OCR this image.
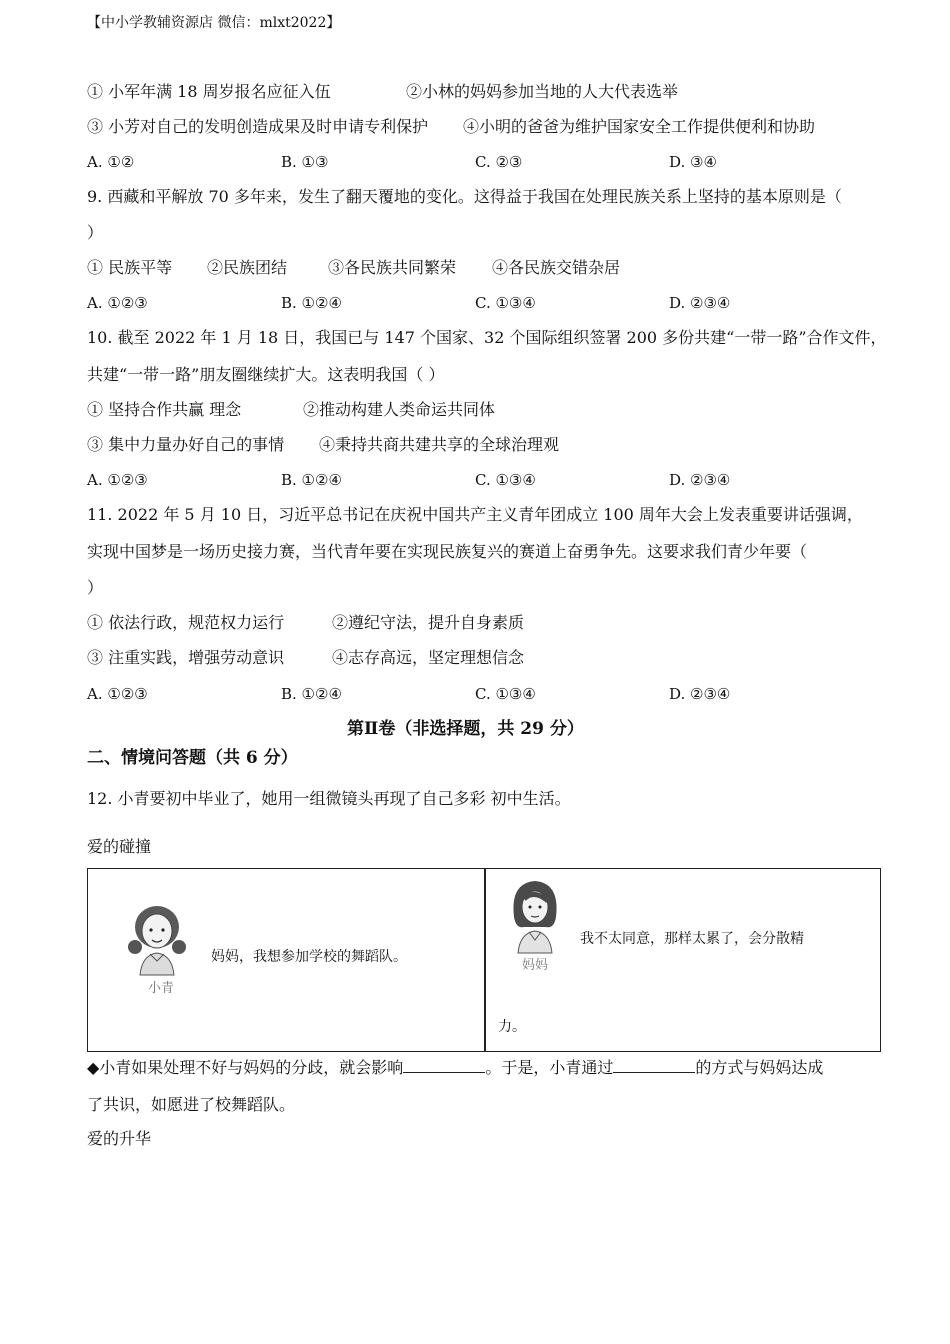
【中小学教辅资源店 微信：mlxt2022】
① 小军年满 18 周岁报名应征入伍	②小林的妈妈参加当地的人大代表选举
③ 小芳对自己的发明创造成果及时申请专利保护 ④小明的爸爸为维护国家安全工作提供便利和协助
A. ①②	B. ①③	C. ②③	D. ③④
9. 西藏和平解放 70 多年来，发生了翻天覆地的变化。这得益于我国在处理民族关系上坚持的基本原则是（
）
① 民族平等 ②民族团结	③各民族共同繁荣 ④各民族交错杂居
A. ①②③	B. ①②④	C. ①③④	D. ②③④
10. 截至 2022 年 1 月 18 日，我国已与 147 个国家、32 个国际组织签署 200 多份共建“一带一路”合作文件，
共建“一带一路”朋友圈继续扩大。这表明我国（ ）
① 坚持合作共赢 理念	②推动构建人类命运共同体
③ 集中力量办好自己的事情 ④秉持共商共建共享的全球治理观
A. ①②③	B. ①②④	C. ①③④	D. ②③④
11. 2022 年 5 月 10 日，习近平总书记在庆祝中国共产主义青年团成立 100 周年大会上发表重要讲话强调，
实现中国梦是一场历史接力赛，当代青年要在实现民族复兴的赛道上奋勇争先。这要求我们青少年要（
）
① 依法行政，规范权力运行	②遵纪守法，提升自身素质
③ 注重实践，增强劳动意识	④志存高远，坚定理想信念
A. ①②③	B. ①②④	C. ①③④	D. ②③④
第Ⅱ卷（非选择题，共 29 分）
二、情境问答题（共 6 分）
12. 小青要初中毕业了，她用一组微镜头再现了自己多彩 初中生活。
爱的碰撞
小青
妈妈，我想参加学校的舞蹈队。
妈妈
我不太同意，那样太累了，会分散精
力。
◆小青如果处理不好与妈妈的分歧，就会影响	。于是，小青通过	的方式与妈妈达成
了共识，如愿进了校舞蹈队。
爱的升华
